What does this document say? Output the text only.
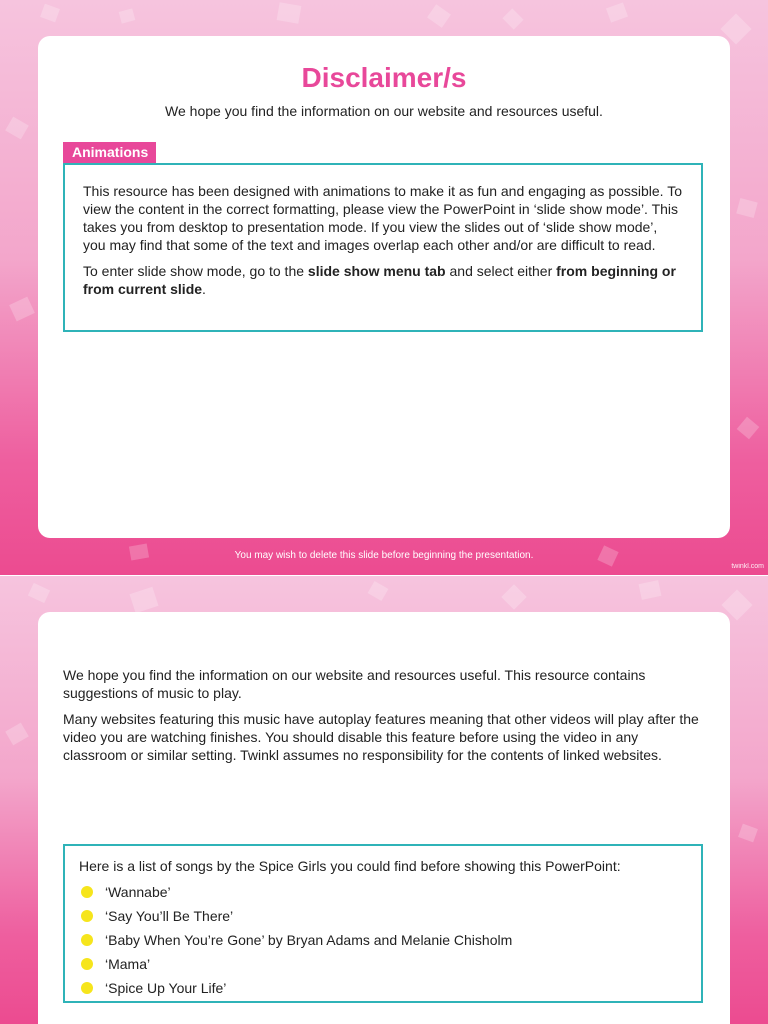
Disclaimer/s

We hope you find the information on our website and resources useful.

Animations

This resource has been designed with animations to make it as fun and engaging as possible. To view the content in the correct formatting, please view the PowerPoint in ‘slide show mode’. This takes you from desktop to presentation mode. If you view the slides out of ‘slide show mode’, you may find that some of the text and images overlap each other and/or are difficult to read.

To enter slide show mode, go to the slide show menu tab and select either from beginning or from current slide.

You may wish to delete this slide before beginning the presentation.

twinkl.com

We hope you find the information on our website and resources useful. This resource contains suggestions of music to play.

Many websites featuring this music have autoplay features meaning that other videos will play after the video you are watching finishes. You should disable this feature before using the video in any classroom or similar setting. Twinkl assumes no responsibility for the contents of linked websites.

Here is a list of songs by the Spice Girls you could find before showing this PowerPoint:

‘Wannabe’
‘Say You’ll Be There’
‘Baby When You’re Gone’ by Bryan Adams and Melanie Chisholm
‘Mama’
‘Spice Up Your Life’
